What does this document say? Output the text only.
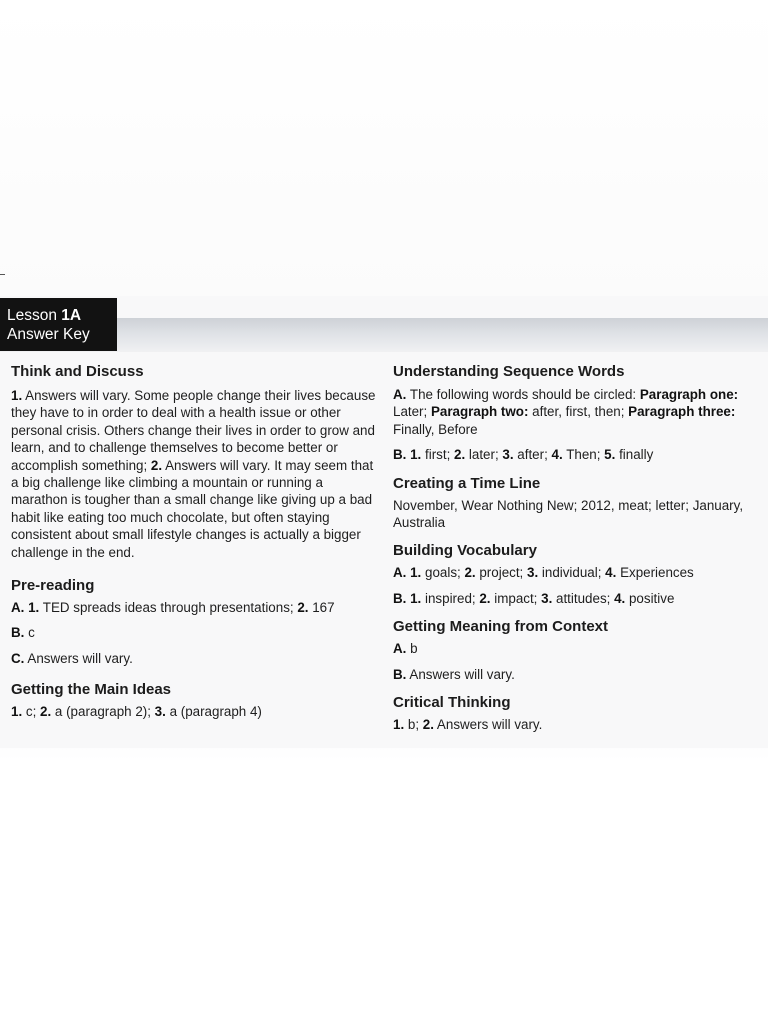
Lesson 1A
Answer Key

Think and Discuss

1. Answers will vary. Some people change their lives because they have to in order to deal with a health issue or other personal crisis. Others change their lives in order to grow and learn, and to challenge themselves to become better or accomplish something; 2. Answers will vary. It may seem that a big challenge like climbing a mountain or running a marathon is tougher than a small change like giving up a bad habit like eating too much chocolate, but often staying consistent about small lifestyle changes is actually a bigger challenge in the end.

Pre-reading

A. 1. TED spreads ideas through presentations; 2. 167

B. c

C. Answers will vary.

Getting the Main Ideas

1. c; 2. a (paragraph 2); 3. a (paragraph 4)

Understanding Sequence Words

A. The following words should be circled: Paragraph one: Later; Paragraph two: after, first, then; Paragraph three: Finally, Before

B. 1. first; 2. later; 3. after; 4. Then; 5. finally

Creating a Time Line

November, Wear Nothing New; 2012, meat; letter; January, Australia

Building Vocabulary

A. 1. goals; 2. project; 3. individual; 4. Experiences

B. 1. inspired; 2. impact; 3. attitudes; 4. positive

Getting Meaning from Context

A. b

B. Answers will vary.

Critical Thinking

1. b; 2. Answers will vary.
